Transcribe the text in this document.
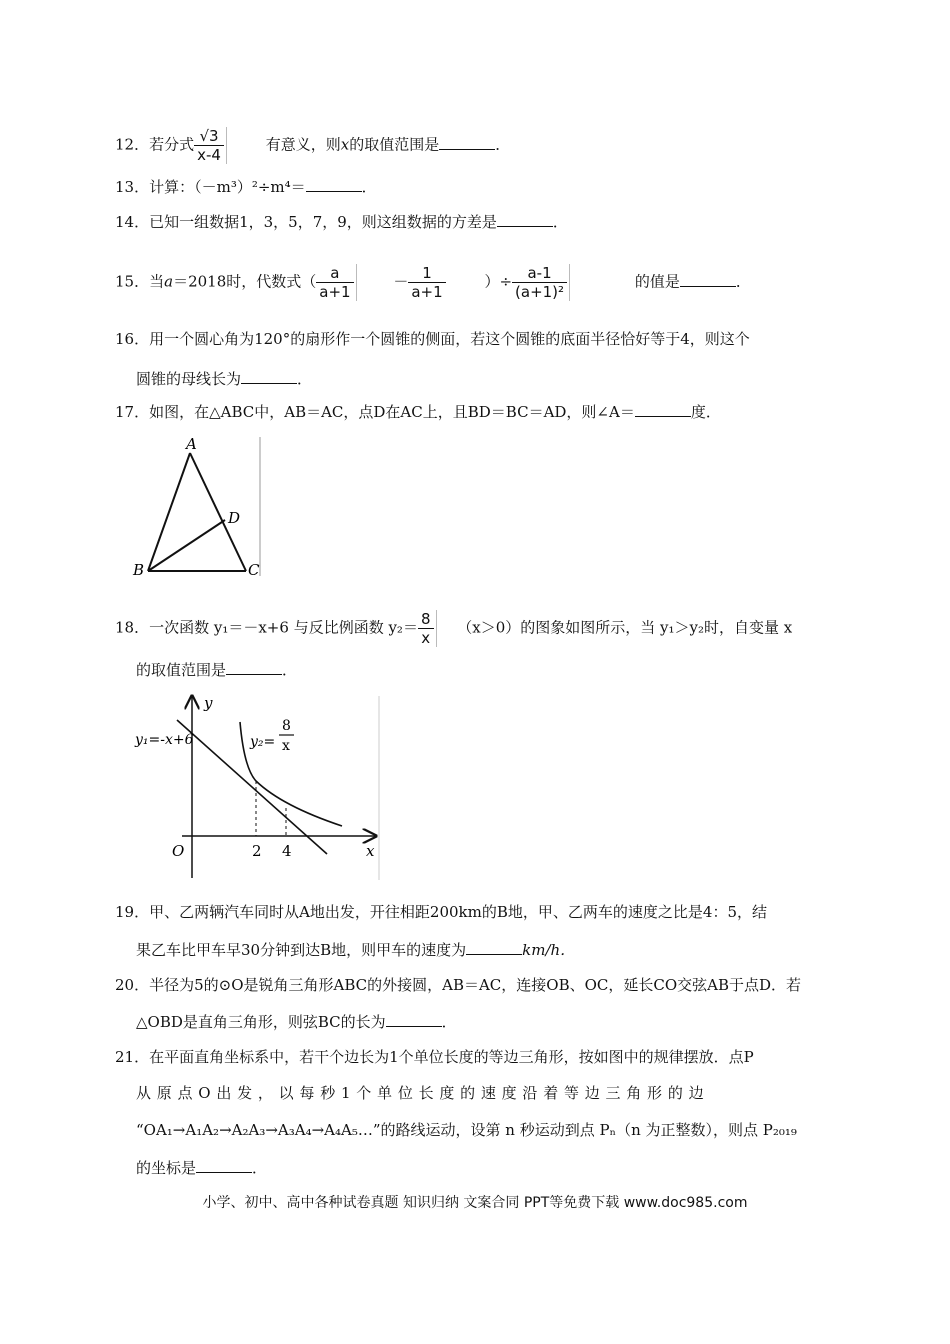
12．若分式 $\frac{√3}{x-4}$	有意义，则x的取值范围是	．
13．计算：（－m³）²÷m⁴＝	．
14．已知一组数据1，3，5，7，9，则这组数据的方差是	．
15．当a＝2018时，代数式（ $\frac{a}{a+1}$	－ $\frac{1}{a+1}$	）÷ $\frac{a-1}{\text{(a+1)²}}$	的值是	．
16．用一个圆心角为120°的扇形作一个圆锥的侧面，若这个圆锥的底面半径恰好等于4，则这个
圆锥的母线长为	．
17．如图，在△ABC中，AB＝AC，点D在AC上，且BD＝BC＝AD，则∠A＝	度．
A
B	C
D
18．一次函数 y₁＝－x+6 与反比例函数 $y_2= \frac{8}{x} (x>0)$的图象如图所示，当 y₁＞y₂时，自变量 x
的取值范围是	．
y
x
O	2 4
y₁=-x+6	y₂=
8
x
19．甲、乙两辆汽车同时从A地出发，开往相距200km的B地，甲、乙两车的速度之比是4：5，结
果乙车比甲车早30分钟到达B地，则甲车的速度为	km/h．
20．半径为5的⊙O是锐角三角形ABC的外接圆，AB＝AC，连接OB、OC，延长CO交弦AB于点D．若
△OBD是直角三角形，则弦BC的长为	．
21．在平面直角坐标系中，若干个边长为1个单位长度的等边三角形，按如图中的规律摆放．点P
从 原 点 O 出 发 ， 以 每 秒 1 个 单 位 长 度 的 速 度 沿 着 等 边 三 角 形 的 边
“OA₁→A₁A₂→A₂A₃→A₃A₄→A₄A₅…”的路线运动，设第 n 秒运动到点 Pₙ（n 为正整数），则点 P₂₀₁₉
的坐标是	．
小学、初中、高中各种试卷真题 知识归纳 文案合同 PPT等免费下载 www.doc985.com
